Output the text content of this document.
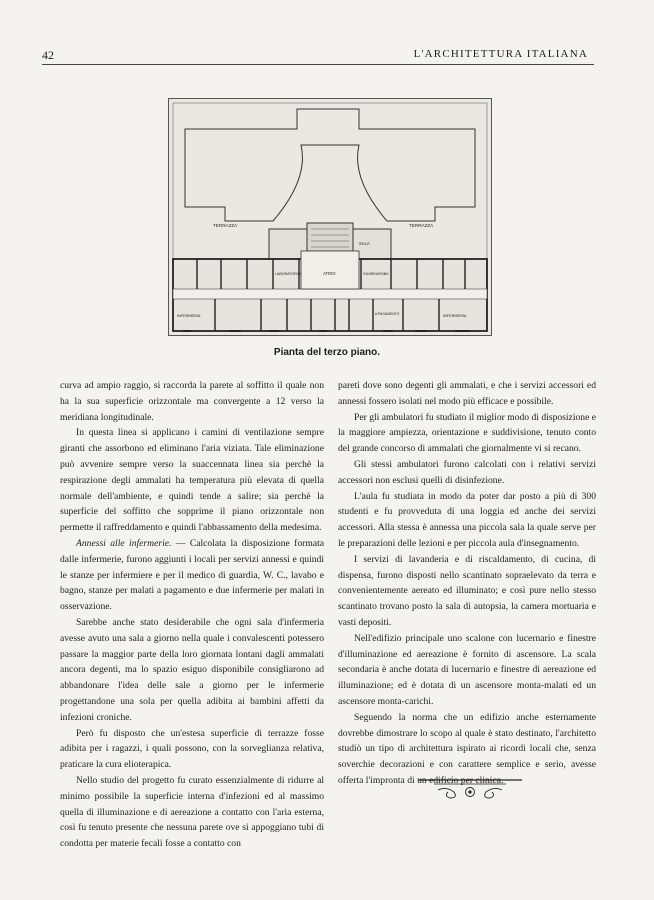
42	L'ARCHITETTURA ITALIANA
TERRAZZA	TERRAZZA
SALA
ATRIO
LABORATORIO
INFERMERIA	INFERMERIA
A PAGAMENTO
GUARDAROBA
Pianta del terzo piano.

curva ad ampio raggio, si raccorda la parete al soffitto il quale non ha la sua superficie orizzontale ma convergente a 12 verso la meridiana longitudinale.

In questa linea si applicano i camini di ventilazione sempre giranti che assorbono ed eliminano l'aria viziata. Tale eliminazione può avvenire sempre verso la suaccennata linea sia perchè la respirazione degli ammalati ha temperatura più elevata di quella normale dell'ambiente, e quindi tende a salire; sia perchè la superficie del soffitto che sopprime il piano orizzontale non permette il raffreddamento e quindi l'abbassamento della medesima.

Annessi alle infermerie. — Calcolata la disposizione formata dalle infermerie, furono aggiunti i locali per servizi annessi e quindi le stanze per infermiere e per il medico di guardia, W. C., lavabo e bagno, stanze per malati a pagamento e due infermerie per malati in osservazione.

Sarebbe anche stato desiderabile che ogni sala d'infermeria avesse avuto una sala a giorno nella quale i convalescenti potessero passare la maggior parte della loro giornata lontani dagli ammalati ancora degenti, ma lo spazio esiguo disponibile consigliarono ad abbandonare l'idea delle sale a giorno per le infermerie progettandone una sola per quella adibita ai bambini affetti da infezioni croniche.

Però fu disposto che un'estesa superficie di terrazze fosse adibita per i ragazzi, i quali possono, con la sorveglianza relativa, praticare la cura elioterapica.

Nello studio del progetto fu curato essenzialmente di ridurre al minimo possibile la superficie interna d'infezioni ed al massimo quella di illuminazione e di aereazione a contatto con l'aria esterna, così fu tenuto presente che nessuna parete ove si appoggiano tubi di condotta per materie fecali fosse a contatto con

pareti dove sono degenti gli ammalati, e che i servizi accessori ed annessi fossero isolati nel modo più efficace e possibile.

Per gli ambulatori fu studiato il miglior modo di disposizione e la maggiore ampiezza, orientazione e suddivisione, tenuto conto del grande concorso di ammalati che giornalmente vi si recano.

Gli stessi ambulatori furono calcolati con i relativi servizi accessori non esclusi quelli di disinfezione.

L'aula fu studiata in modo da poter dar posto a più di 300 studenti e fu provveduta di una loggia ed anche dei servizi accessori. Alla stessa è annessa una piccola sala la quale serve per le preparazioni delle lezioni e per piccola aula d'insegnamento.

I servizi di lavanderia e di riscaldamento, di cucina, di dispensa, furono disposti nello scantinato sopraelevato da terra e convenientemente aereato ed illuminato; e così pure nello stesso scantinato trovano posto la sala di autopsia, la camera mortuaria e vasti depositi.

Nell'edifizio principale uno scalone con lucernario e finestre d'illuminazione ed aereazione è fornito di ascensore. La scala secondaria è anche dotata di lucernario e finestre di aereazione ed illuminazione; ed è dotata di un ascensore monta-malati ed un ascensore monta-carichi.

Seguendo la norma che un edifizio anche esternamente dovrebbe dimostrare lo scopo al quale è stato destinato, l'architetto studiò un tipo di architettura ispirato ai ricordi locali che, senza soverchie decorazioni e con carattere semplice e serio, avesse offerta l'impronta di un edificio per clinica.
